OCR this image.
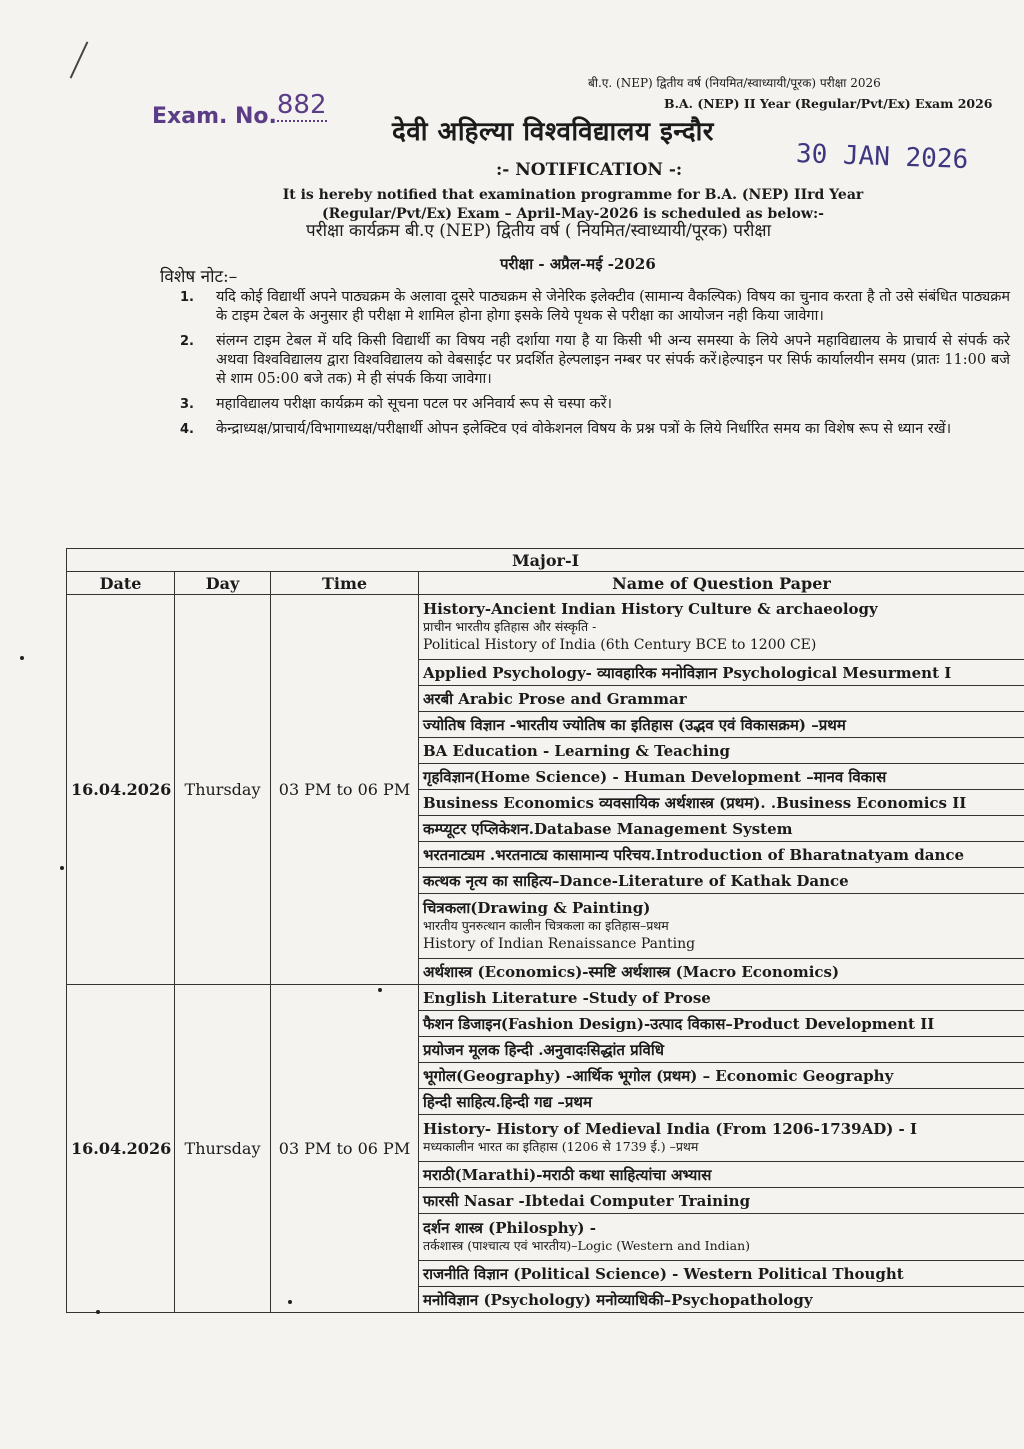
Exam. No.882
बी.ए. (NEP) द्वितीय वर्ष (नियमित/स्वाध्यायी/पूरक) परीक्षा 2026
B.A. (NEP) II Year (Regular/Pvt/Ex) Exam 2026
देवी अहिल्या विश्वविद्यालय इन्दौर
30 JAN 2026
:- NOTIFICATION -:
It is hereby notified that examination programme for B.A. (NEP) IIrd Year (Regular/Pvt/Ex) Exam – April-May-2026 is scheduled as below:-
परीक्षा कार्यक्रम बी.ए (NEP) द्वितीय वर्ष ( नियमित/स्वाध्यायी/पूरक) परीक्षा
परीक्षा - अप्रैल-मई -2026
विशेष नोट:–
1.	यदि कोई विद्यार्थी अपने पाठ्यक्रम के अलावा दूसरे पाठ्यक्रम से जेनेरिक इलेक्टीव (सामान्य वैकल्पिक) विषय का चुनाव करता है तो उसे संबंधित पाठ्यक्रम के टाइम टेबल के अनुसार ही परीक्षा मे शामिल होना होगा इसके लिये पृथक से परीक्षा का आयोजन नही किया जावेगा।
2.	संलग्न टाइम टेबल में यदि किसी विद्यार्थी का विषय नही दर्शाया गया है या किसी भी अन्य समस्या के लिये अपने महाविद्यालय के प्राचार्य से संपर्क करे अथवा विश्वविद्यालय द्वारा विश्वविद्यालय को वेबसाईट पर प्रदर्शित हेल्पलाइन नम्बर पर संपर्क करें।हेल्पाइन पर सिर्फ कार्यालयीन समय (प्रातः 11:00 बजे से शाम 05:00 बजे तक) मे ही संपर्क किया जावेगा।
3.	महाविद्यालय परीक्षा कार्यक्रम को सूचना पटल पर अनिवार्य रूप से चस्पा करें।
4.	केन्द्राध्यक्ष/प्राचार्य/विभागाध्यक्ष/परीक्षार्थी ओपन इलेक्टिव एवं वोकेशनल विषय के प्रश्न पत्रों के लिये निर्धारित समय का विशेष रूप से ध्यान रखें।
Major-I			
Date	Day	Time	Name of Question Paper
16.04.2026	Thursday	03 PM to 06 PM	History-Ancient Indian History Culture & archaeology
प्राचीन भारतीय इतिहास और संस्कृति -
Political History of India (6th Century BCE to 1200 CE)

			Applied Psychology- व्यावहारिक मनोविज्ञान Psychological Mesurment I
			अरबी Arabic Prose and Grammar
			ज्योतिष विज्ञान -भारतीय ज्योतिष का इतिहास (उद्भव एवं विकासक्रम) –प्रथम
			BA Education - Learning & Teaching
			गृहविज्ञान(Home Science) - Human Development –मानव विकास
			Business Economics व्यवसायिक अर्थशास्त्र (प्रथम). .Business Economics II
			कम्प्यूटर एप्लिकेशन.Database Management System
			भरतनाट्यम .भरतनाट्य कासामान्य परिचय.Introduction of Bharatnatyam dance
			कत्थक नृत्य का साहित्य–Dance-Literature of Kathak Dance
			चित्रकला(Drawing & Painting)
भारतीय पुनरुत्थान कालीन चित्रकला का इतिहास–प्रथम
History of Indian Renaissance Panting

			अर्थशास्त्र (Economics)-स्मष्टि अर्थशास्त्र (Macro Economics)
16.04.2026	Thursday	03 PM to 06 PM	English Literature -Study of Prose
			फैशन डिजाइन(Fashion Design)-उत्पाद विकास–Product Development II
			प्रयोजन मूलक हिन्दी .अनुवादःसिद्धांत प्रविधि
			भूगोल(Geography) -आर्थिक भूगोल (प्रथम) – Economic Geography
			हिन्दी साहित्य.हिन्दी गद्य –प्रथम
			History- History of Medieval India (From 1206-1739AD) - I
मध्यकालीन भारत का इतिहास (1206 से 1739 ई.) –प्रथम

			मराठी(Marathi)-मराठी कथा साहित्यांचा अभ्यास
			फारसी Nasar -Ibtedai Computer Training
			दर्शन शास्त्र (Philosphy) -
तर्कशास्त्र (पाश्चात्य एवं भारतीय)–Logic (Western and Indian)

			राजनीति विज्ञान (Political Science) - Western Political Thought
			मनोविज्ञान (Psychology) मनोव्याधिकी–Psychopathology
